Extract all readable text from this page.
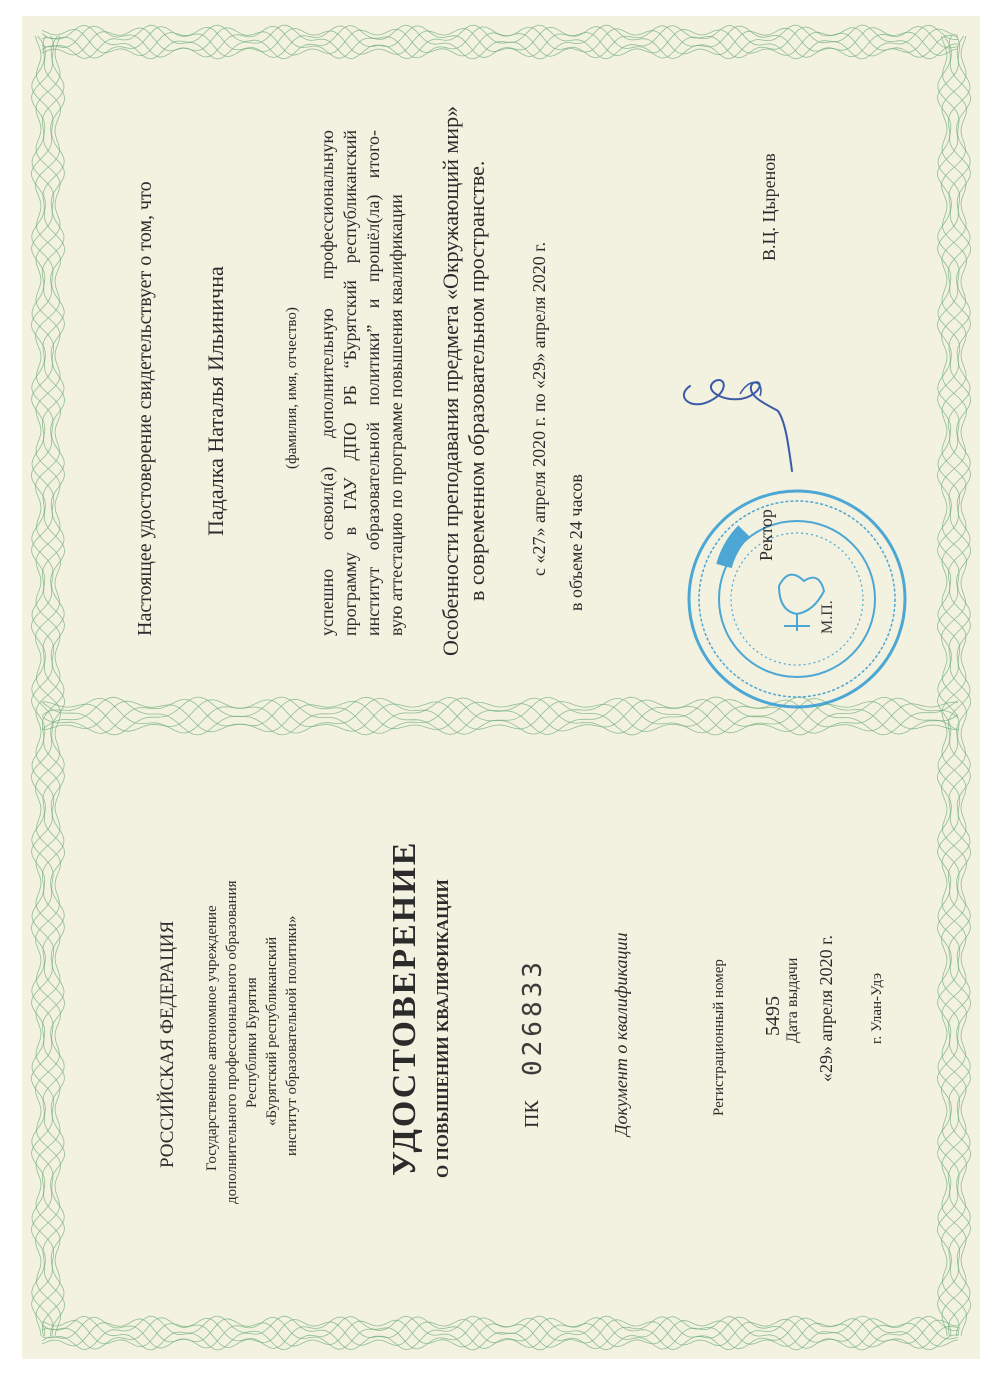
Настоящее удостоверение свидетельствует о том, что Падалка Наталья Ильинична	(фамилия, имя, отчество) успешно освоил(а) дополнительную профессиональную программу в ГАУ ДПО РБ “Бурятский республиканский институт образовательной политики” и прошёл(ла) итого- вую аттестацию по программе повышения квалификации Особенности преподавания предмета «Окружающий мир» в современном образовательном пространстве. с «27» апреля 2020 г. по «29» апреля 2020 г. в объеме 24 часов
М.П.
Ректор
В.Ц. Цыренов
РОССИЙСКАЯ ФЕДЕРАЦИЯ Государственное автономное учреждение дополнительного профессионального образования Республики Бурятия «Бурятский республиканский институт образовательной политики»	УДОСТОВЕРЕНИЕ О ПОВЫШЕНИИ КВАЛИФИКАЦИИ	ПК
026833	Документ о квалификации	Регистрационный номер 5495 Дата выдачи «29» апреля 2020 г. г. Улан-Удэ
